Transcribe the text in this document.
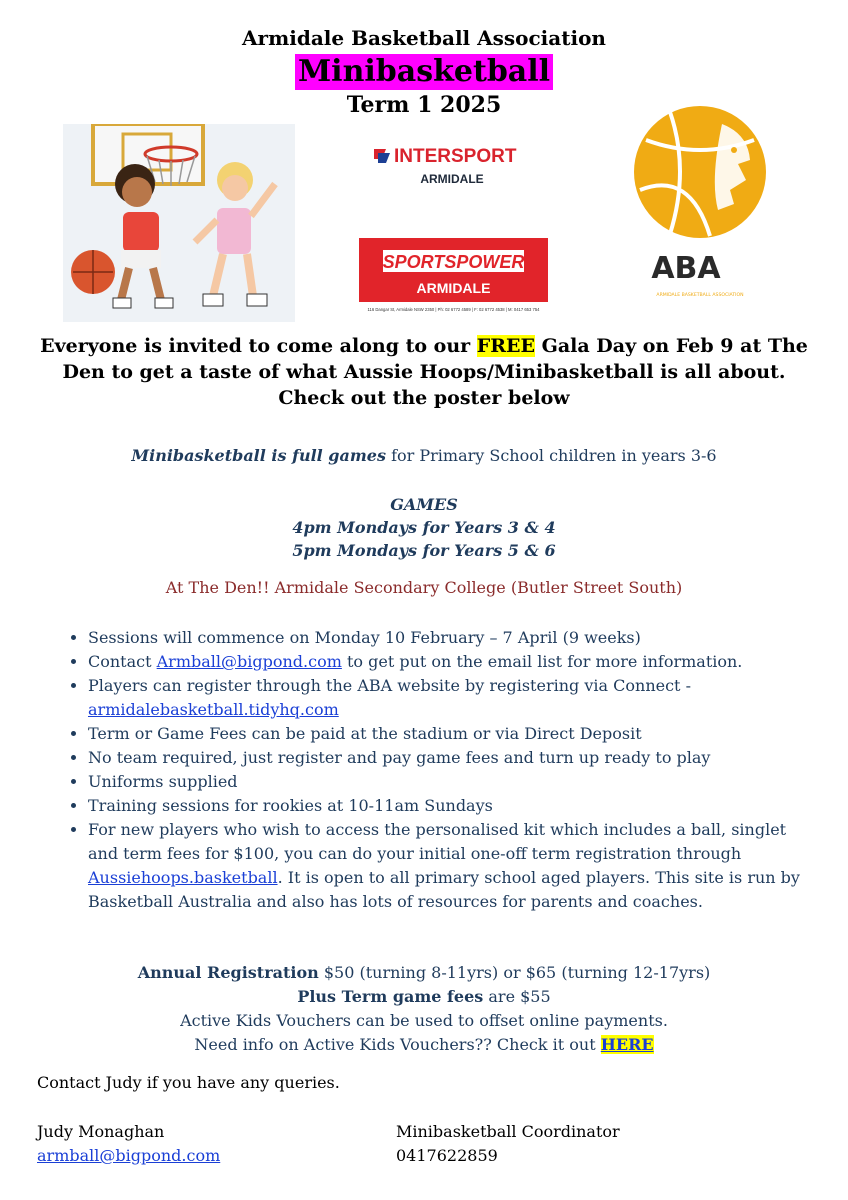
Armidale Basketball Association
Minibasketball
Term 1 2025
INTERSPORT
ARMIDALE
SPORTSPOWER
ARMIDALE
116 Dangar St, Armidale NSW 2350 | Ph: 02 6772 4589 | F: 02 6772 4538 | M: 0417 653 754
ABA
ARMIDALE BASKETBALL ASSOCIATION
Everyone is invited to come along to our FREE Gala Day on Feb 9 at The Den to get a taste of what Aussie Hoops/Minibasketball is all about. Check out the poster below
Minibasketball is full games for Primary School children in years 3-6
GAMES
4pm Mondays for Years 3 & 4
5pm Mondays for Years 5 & 6
At The Den!! Armidale Secondary College (Butler Street South)
• Sessions will commence on Monday 10 February – 7 April (9 weeks)
• Contact Armball@bigpond.com to get put on the email list for more information.
• Players can register through the ABA website by registering via Connect - armidalebasketball.tidyhq.com
• Term or Game Fees can be paid at the stadium or via Direct Deposit
• No team required, just register and pay game fees and turn up ready to play
• Uniforms supplied
• Training sessions for rookies at 10-11am Sundays
• For new players who wish to access the personalised kit which includes a ball, singlet and term fees for $100, you can do your initial one-off term registration through Aussiehoops.basketball. It is open to all primary school aged players. This site is run by Basketball Australia and also has lots of resources for parents and coaches.
Annual Registration $50 (turning 8-11yrs) or $65 (turning 12-17yrs)
Plus Term game fees are $55
Active Kids Vouchers can be used to offset online payments.
Need info on Active Kids Vouchers?? Check it out HERE
Contact Judy if you have any queries.
Judy Monaghan
armball@bigpond.com
Minibasketball Coordinator
0417622859
